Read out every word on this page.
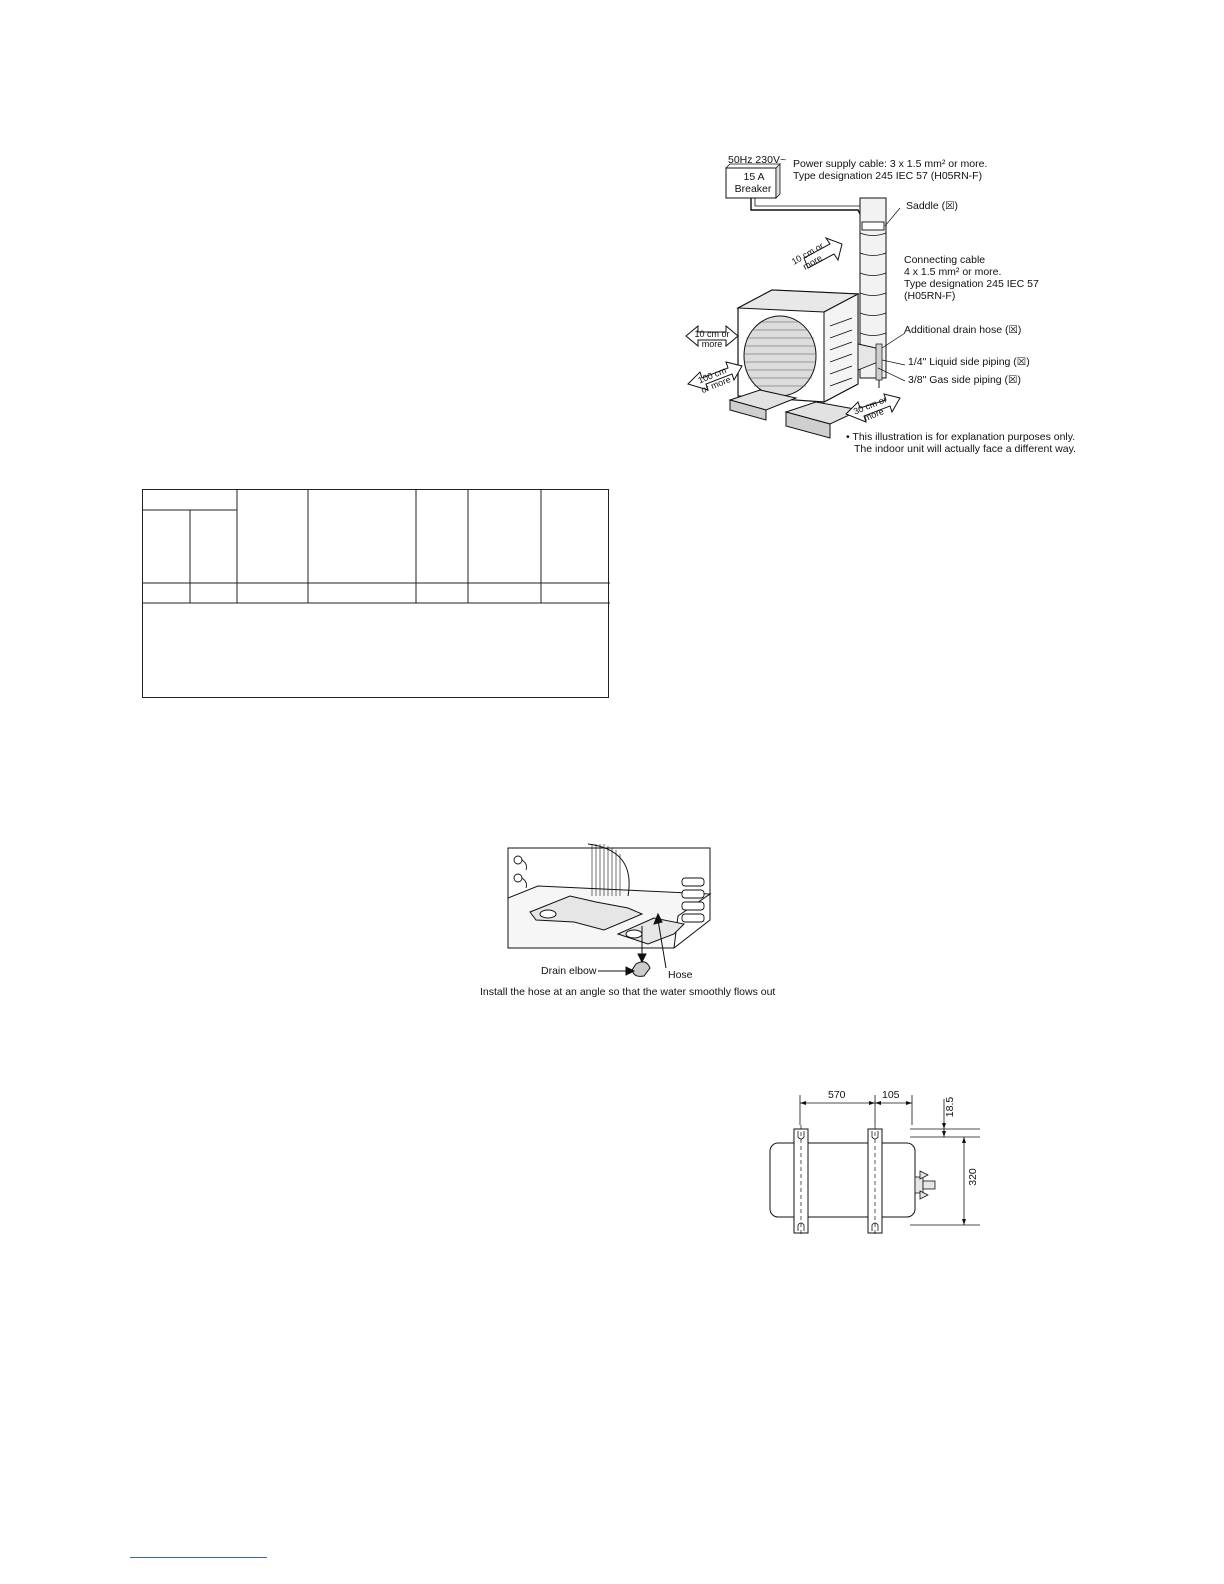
50Hz 230V~
15 A
Breaker
Power supply cable: 3 x 1.5 mm² or more.
Type designation 245 IEC 57 (H05RN-F)
Saddle (☒)
Connecting cable
4 x 1.5 mm² or more.
Type designation 245 IEC 57
(H05RN-F)
Additional drain hose (☒)
1/4" Liquid side piping (☒)
3/8" Gas side piping (☒)
10 cm or more
10 cm or more
100 cm or more
30 cm or more
• This illustration is for explanation purposes only.
The indoor unit will actually face a different way.
Drain elbow	Hose
Install the hose at an angle so that the water smoothly flows out
570	105
18.5
320
